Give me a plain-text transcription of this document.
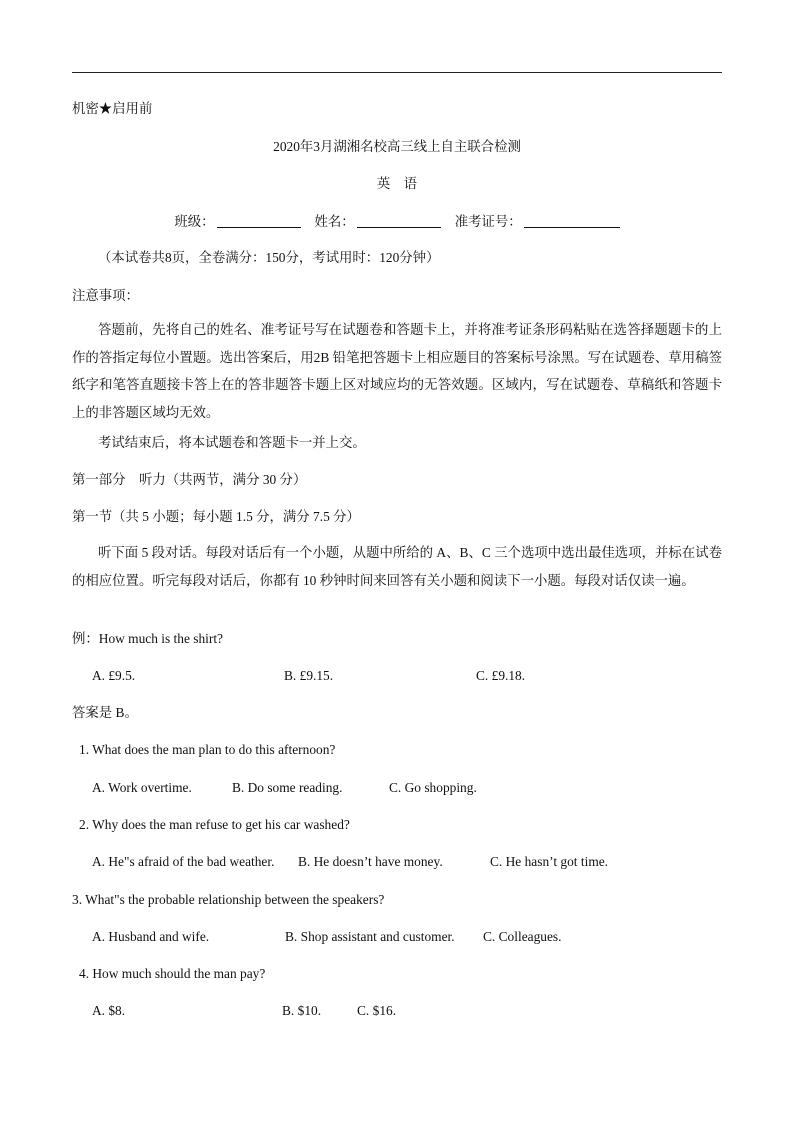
机密★启用前
2020年3月湖湘名校高三线上自主联合检测
英　语
班级：	姓名：	准考证号：
（本试卷共8页，全卷满分：150分，考试用时：120分钟）
注意事项：
答题前，先将自己的姓名、准考证号写在试题卷和答题卡上，并将准考证条形码粘贴在选答择题题卡的上作的答指定每位小置题。选出答案后，用2B 铅笔把答题卡上相应题目的答案标号涂黑。写在试题卷、草用稿签纸字和笔答直题接卡答上在的答非题答卡题上区对域应均的无答效题。区域内，写在试题卷、草稿纸和答题卡上的非答题区域均无效。
考试结束后，将本试题卷和答题卡一并上交。
第一部分　听力（共两节，满分 30 分）
第一节（共 5 小题；每小题 1.5 分，满分 7.5 分）
听下面 5 段对话。每段对话后有一个小题，从题中所给的 A、B、C 三个选项中选出最佳选项，并标在试卷的相应位置。听完每段对话后，你都有 10 秒钟时间来回答有关小题和阅读下一小题。每段对话仅读一遍。
例：How much is the shirt?
A. £9.5.	B. £9.15.	C. £9.18.
答案是 B。
1. What does the man plan to do this afternoon?
A. Work overtime.	B. Do some reading.	C. Go shopping.
2. Why does the man refuse to get his car washed?
A. He"s afraid of the bad weather. B. He doesn’t have money.	C. He hasn’t got time.
3. What"s the probable relationship between the speakers?
A. Husband and wife.	B. Shop assistant and customer. C. Colleagues.
4. How much should the man pay?
A. $8.	B. $10.	C. $16.
